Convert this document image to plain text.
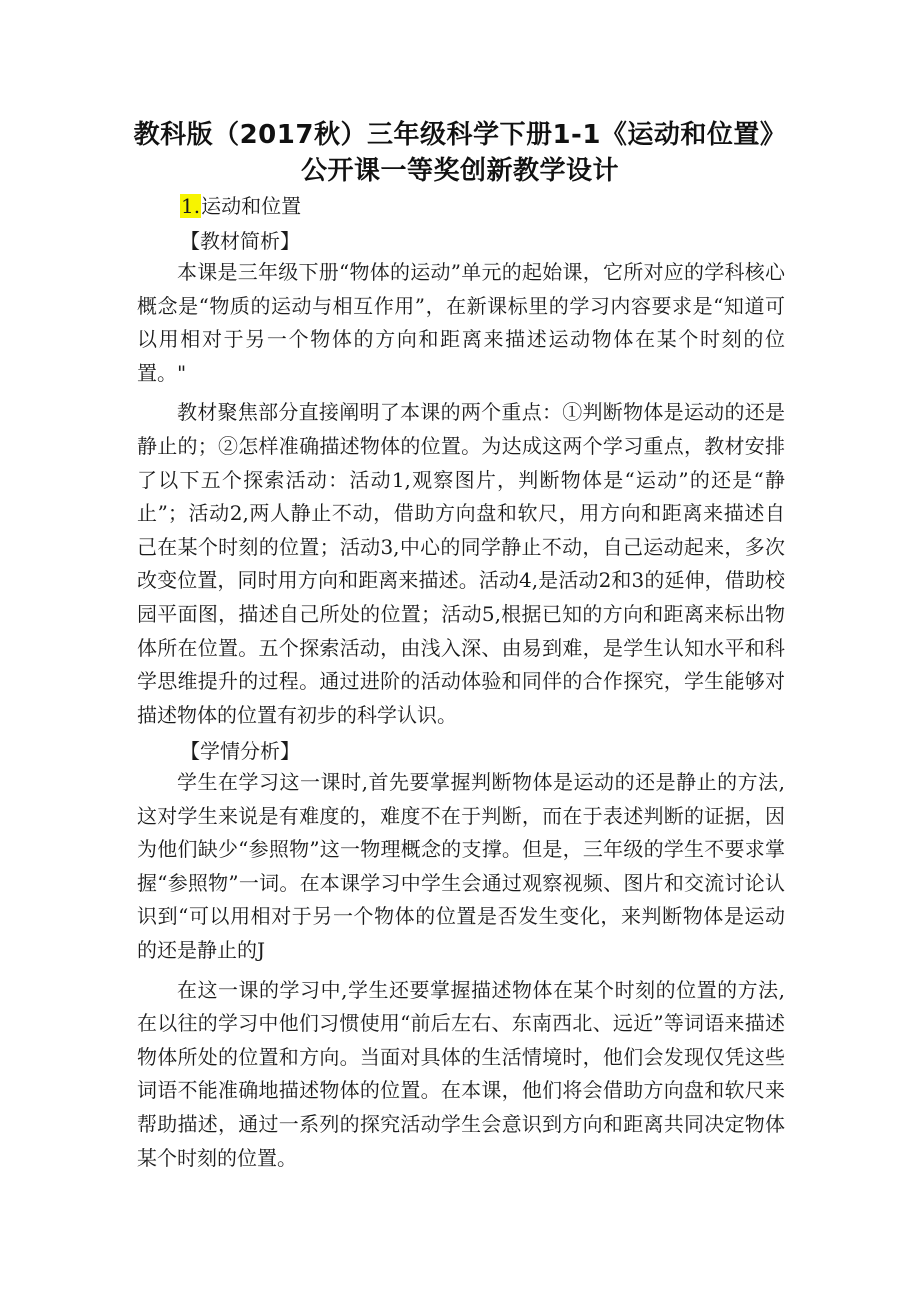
教科版（2017秋）三年级科学下册1-1《运动和位置》
公开课一等奖创新教学设计
1.运动和位置
【教材简析】

本课是三年级下册“物体的运动”单元的起始课，它所对应的学科核心概念是“物质的运动与相互作用”，在新课标里的学习内容要求是“知道可以用相对于另一个物体的方向和距离来描述运动物体在某个时刻的位置。"

教材聚焦部分直接阐明了本课的两个重点：①判断物体是运动的还是静止的；②怎样准确描述物体的位置。为达成这两个学习重点，教材安排了以下五个探索活动：活动1,观察图片，判断物体是“运动”的还是“静止”；活动2,两人静止不动，借助方向盘和软尺，用方向和距离来描述自己在某个时刻的位置；活动3,中心的同学静止不动，自己运动起来，多次改变位置，同时用方向和距离来描述。活动4,是活动2和3的延伸，借助校园平面图，描述自己所处的位置；活动5,根据已知的方向和距离来标出物体所在位置。五个探索活动，由浅入深、由易到难，是学生认知水平和科学思维提升的过程。通过进阶的活动体验和同伴的合作探究，学生能够对描述物体的位置有初步的科学认识。

【学情分析】

学生在学习这一课时,首先要掌握判断物体是运动的还是静止的方法,这对学生来说是有难度的，难度不在于判断，而在于表述判断的证据，因为他们缺少“参照物”这一物理概念的支撑。但是，三年级的学生不要求掌握“参照物”一词。在本课学习中学生会通过观察视频、图片和交流讨论认识到“可以用相对于另一个物体的位置是否发生变化，来判断物体是运动的还是静止的J

在这一课的学习中,学生还要掌握描述物体在某个时刻的位置的方法,在以往的学习中他们习惯使用“前后左右、东南西北、远近”等词语来描述物体所处的位置和方向。当面对具体的生活情境时，他们会发现仅凭这些词语不能准确地描述物体的位置。在本课，他们将会借助方向盘和软尺来帮助描述，通过一系列的探究活动学生会意识到方向和距离共同决定物体某个时刻的位置。
